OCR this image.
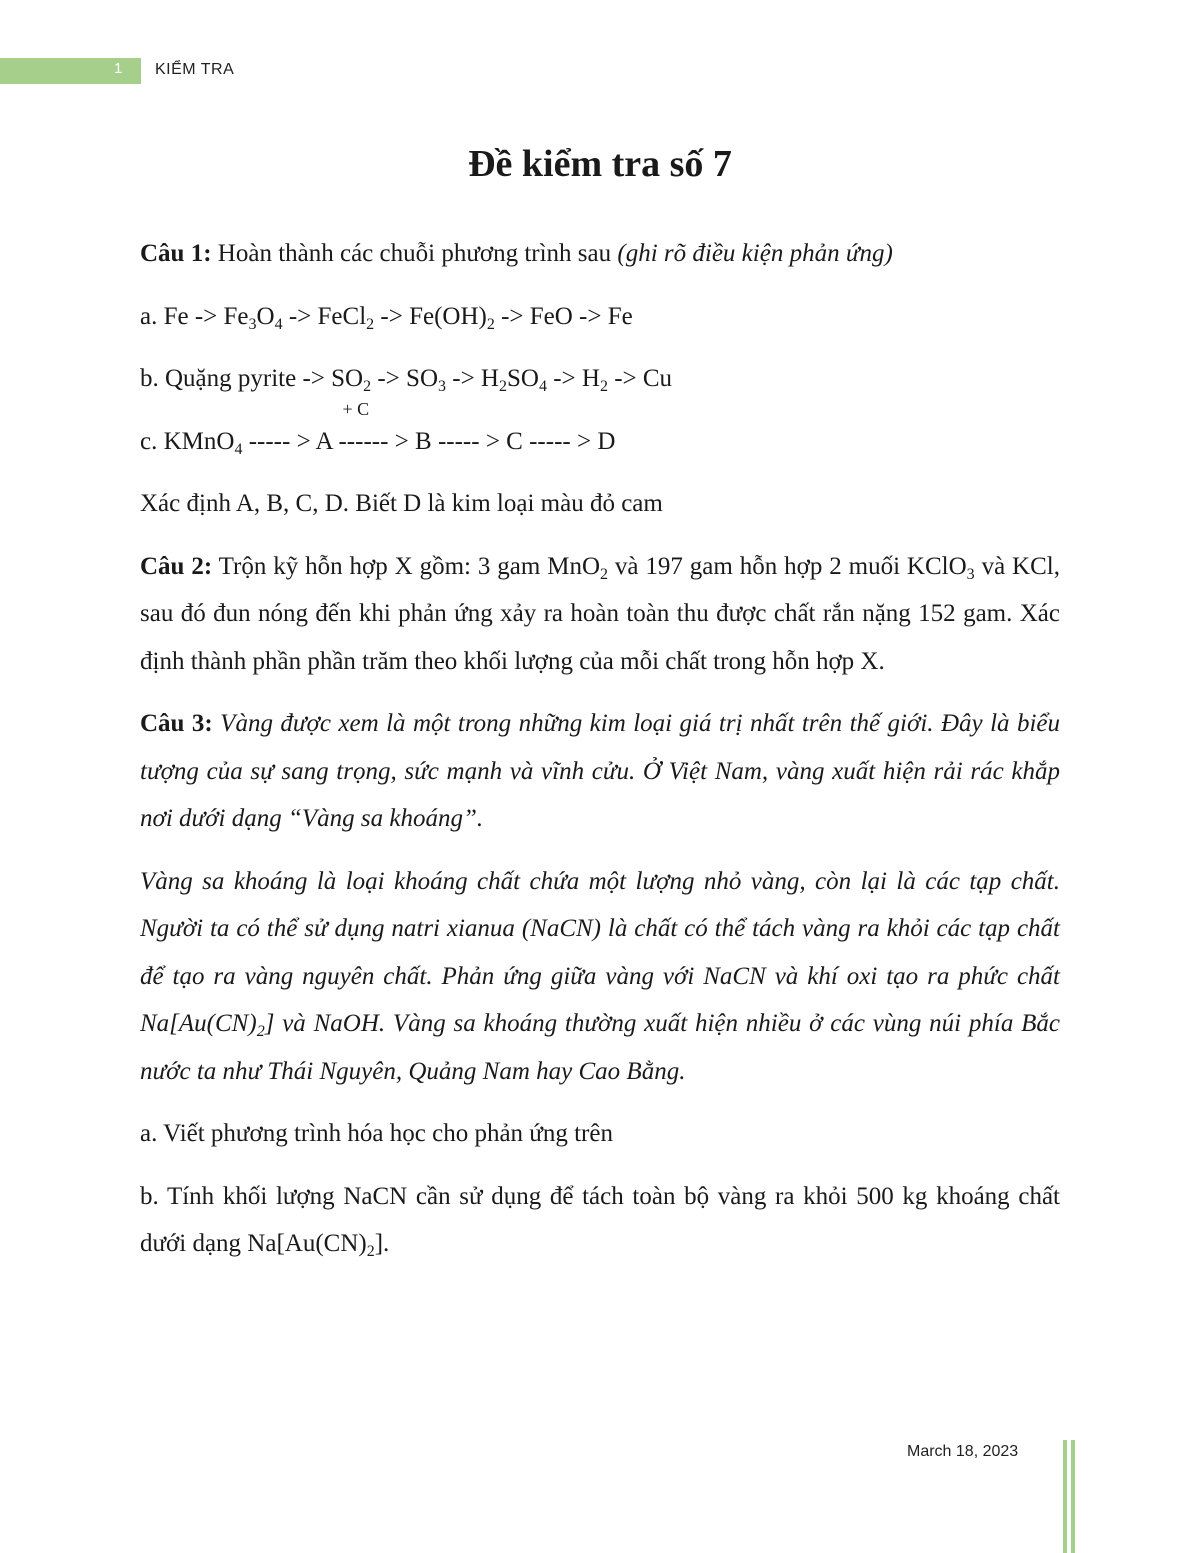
1	KIỂM TRA
Đề kiểm tra số 7

Câu 1: Hoàn thành các chuỗi phương trình sau (ghi rõ điều kiện phản ứng)

a. $Fe -> Fe_3O_4$ -> FeCl$_2$ -> $Fe(OH)_2$ -> FeO -> Fe

b. Quặng pyrite -> $SO_2 -> SO_3 -> H_2SO_4 -> H_2 -> Cu$

c. KMnO$_4$ ----- > A
+ C
------ > B ----- > C ----- > D

Xác định A, B, C, D. Biết D là kim loại màu đỏ cam

Câu 2: Trộn kỹ hỗn hợp X gồm: 3 gam MnO$_2$ và 197 gam hỗn hợp 2 muối KClO$_3$ và KCl, sau đó đun nóng đến khi phản ứng xảy ra hoàn toàn thu được chất rắn nặng 152 gam. Xác định thành phần phần trăm theo khối lượng của mỗi chất trong hỗn hợp X.

Câu 3: Vàng được xem là một trong những kim loại giá trị nhất trên thế giới. Đây là biểu tượng của sự sang trọng, sức mạnh và vĩnh cửu. Ở Việt Nam, vàng xuất hiện rải rác khắp nơi dưới dạng “Vàng sa khoáng”.

Vàng sa khoáng là loại khoáng chất chứa một lượng nhỏ vàng, còn lại là các tạp chất. Người ta có thể sử dụng natri xianua (NaCN) là chất có thể tách vàng ra khỏi các tạp chất để tạo ra vàng nguyên chất. Phản ứng giữa vàng với NaCN và khí oxi tạo ra phức chất $Na[Au(CN)_2]$ và NaOH. Vàng sa khoáng thường xuất hiện nhiều ở các vùng núi phía Bắc nước ta như Thái Nguyên, Quảng Nam hay Cao Bằng.

a. Viết phương trình hóa học cho phản ứng trên

b. Tính khối lượng NaCN cần sử dụng để tách toàn bộ vàng ra khỏi 500 kg khoáng chất dưới dạng $Na[Au(CN)_2]$.

March 18, 2023
